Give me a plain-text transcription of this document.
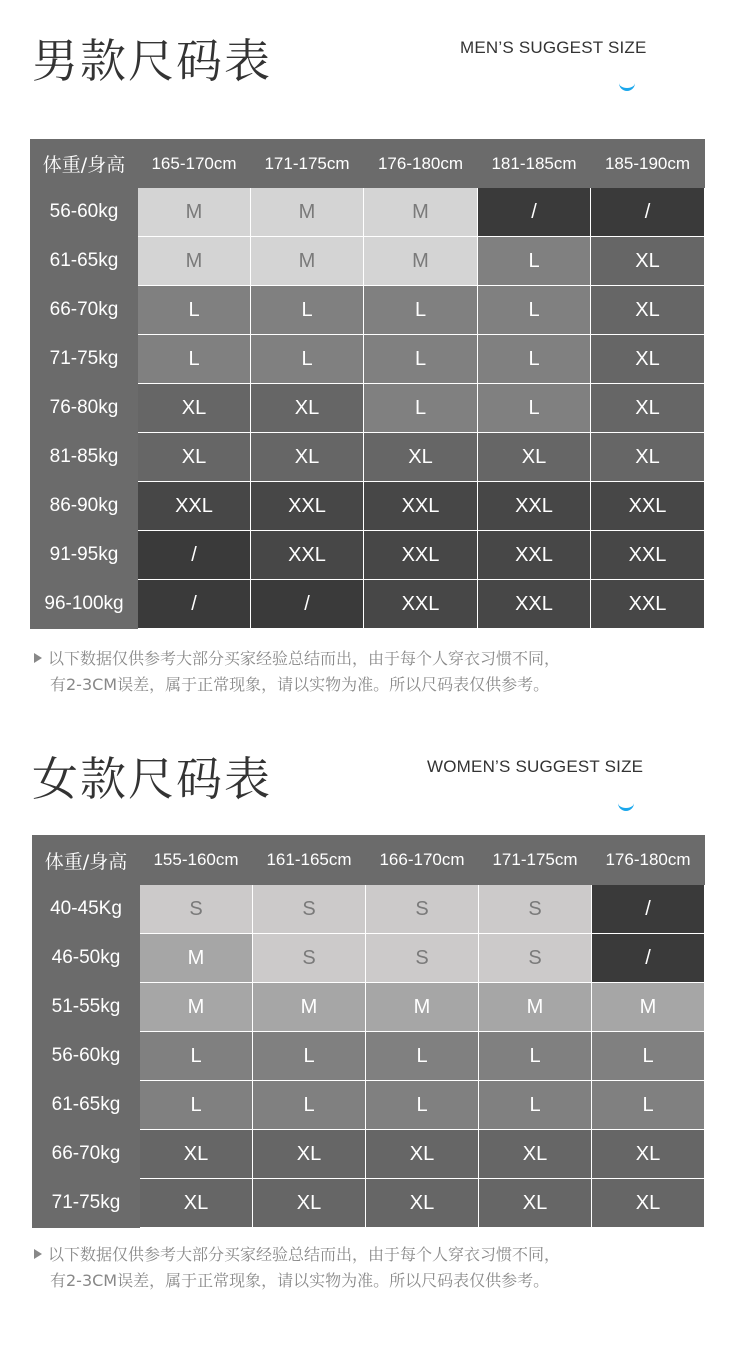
男款尺码表	MEN’S SUGGEST SIZE
体重/身高	165-170cm	171-175cm	176-180cm	181-185cm	185-190cm
56-60kg	M	M	M	/	/
61-65kg	M	M	M	L	XL
66-70kg	L	L	L	L	XL
71-75kg	L	L	L	L	XL
76-80kg	XL	XL	L	L	XL
81-85kg	XL	XL	XL	XL	XL
86-90kg	XXL	XXL	XXL	XXL	XXL
91-95kg	/	XXL	XXL	XXL	XXL
96-100kg	/	/	XXL	XXL	XXL
以下数据仅供参考大部分买家经验总结而出，由于每个人穿衣习惯不同，
有2-3CM误差，属于正常现象，请以实物为准。所以尺码表仅供参考。
女款尺码表	WOMEN’S SUGGEST SIZE
体重/身高	155-160cm	161-165cm	166-170cm	171-175cm	176-180cm
40-45Kg	S	S	S	S	/
46-50kg	M	S	S	S	/
51-55kg	M	M	M	M	M
56-60kg	L	L	L	L	L
61-65kg	L	L	L	L	L
66-70kg	XL	XL	XL	XL	XL
71-75kg	XL	XL	XL	XL	XL
以下数据仅供参考大部分买家经验总结而出，由于每个人穿衣习惯不同，
有2-3CM误差，属于正常现象，请以实物为准。所以尺码表仅供参考。
